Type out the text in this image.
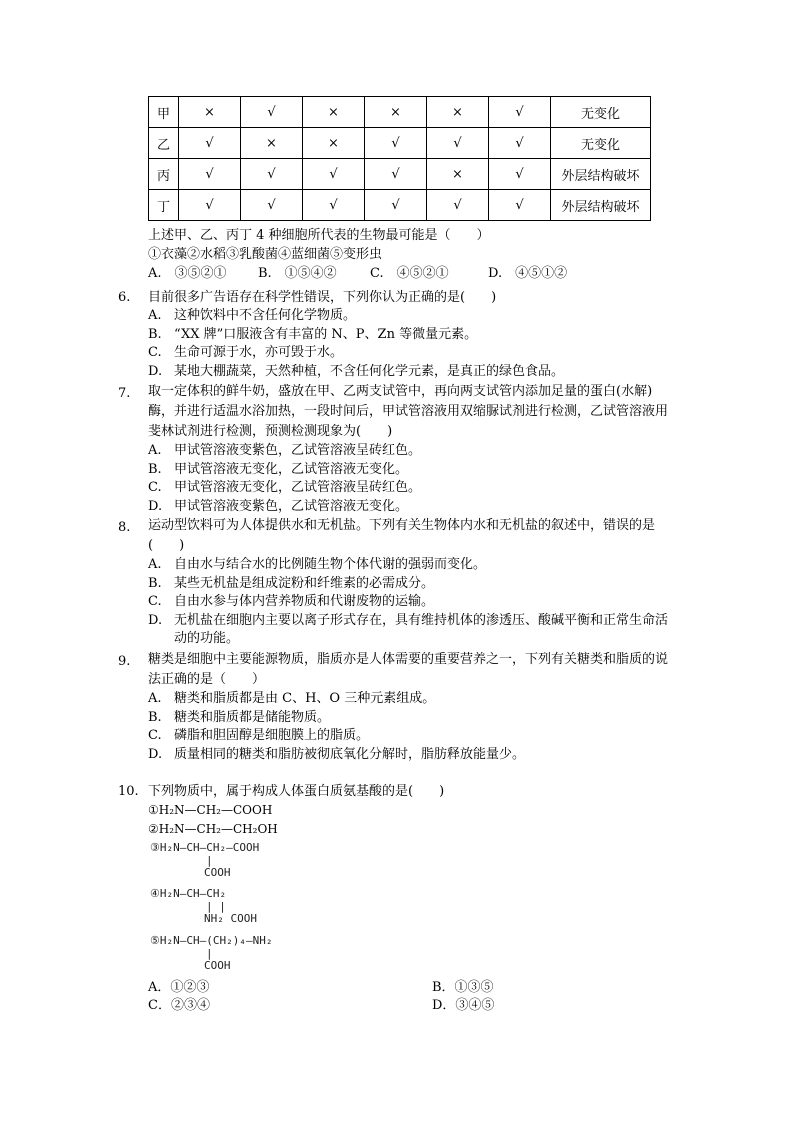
甲	×	√	×	×	×	√	无变化
乙	√	×	×	√	√	√	无变化
丙	√	√	√	√	×	√	外层结构破坏
丁	√	√	√	√	√	√	外层结构破坏
上述甲、乙、丙丁 4 种细胞所代表的生物最可能是（　　）
①衣藻②水稻③乳酸菌④蓝细菌⑤变形虫
A.　③⑤②① B.　①⑤④②	C.　④⑤②①	D.　④⑤①②
6.	目前很多广告语存在科学性错误，下列你认为正确的是(　　)
A. 这种饮料中不含任何化学物质。
B. “XX 牌”口服液含有丰富的 N、P、Zn 等微量元素。
C. 生命可源于水，亦可毁于水。
D. 某地大棚蔬菜，天然种植，不含任何化学元素，是真正的绿色食品。
7.	取一定体积的鲜牛奶，盛放在甲、乙两支试管中，再向两支试管内添加足量的蛋白(水解)酶，并进行适温水浴加热，一段时间后，甲试管溶液用双缩脲试剂进行检测，乙试管溶液用斐林试剂进行检测，预测检测现象为(　　)
A. 甲试管溶液变紫色，乙试管溶液呈砖红色。
B. 甲试管溶液无变化，乙试管溶液无变化。
C. 甲试管溶液无变化，乙试管溶液呈砖红色。
D. 甲试管溶液变紫色，乙试管溶液无变化。
8.	运动型饮料可为人体提供水和无机盐。下列有关生物体内水和无机盐的叙述中，错误的是(　　)
A. 自由水与结合水的比例随生物个体代谢的强弱而变化。
B. 某些无机盐是组成淀粉和纤维素的必需成分。
C. 自由水参与体内营养物质和代谢废物的运输。
D. 无机盐在细胞内主要以离子形式存在，具有维持机体的渗透压、酸碱平衡和正常生命活动的功能。
9.	糖类是细胞中主要能源物质，脂质亦是人体需要的重要营养之一，下列有关糖类和脂质的说法正确的是（　　）
A. 糖类和脂质都是由 C、H、O 三种元素组成。
B. 糖类和脂质都是储能物质。
C. 磷脂和胆固醇是细胞膜上的脂质。
D. 质量相同的糖类和脂肪被彻底氧化分解时，脂肪释放能量少。
10. 下列物质中，属于构成人体蛋白质氨基酸的是(　　)
①H₂N—CH₂—COOH
②H₂N—CH₂—CH₂OH
③H₂N—CH—CH₂—COOH
|
COOH
④H₂N—CH—CH₂
| |
NH₂ COOH
⑤H₂N—CH—(CH₂)₄—NH₂
|
COOH
A．①②③	B．①③⑤
C．②③④	D．③④⑤
